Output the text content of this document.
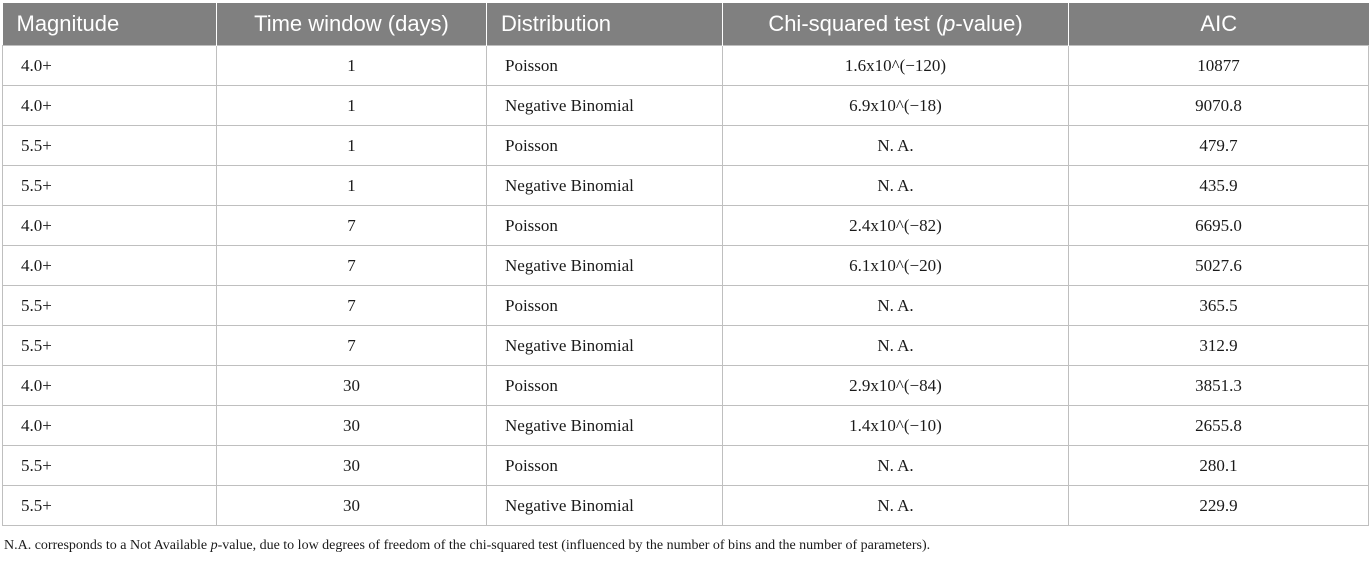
Magnitude	Time window (days)	Distribution	Chi-squared test (p-value)	AIC
4.0+	1	Poisson	1.6x10^(−120)	10877
4.0+	1	Negative Binomial	6.9x10^(−18)	9070.8
5.5+	1	Poisson	N. A.	479.7
5.5+	1	Negative Binomial	N. A.	435.9
4.0+	7	Poisson	2.4x10^(−82)	6695.0
4.0+	7	Negative Binomial	6.1x10^(−20)	5027.6
5.5+	7	Poisson	N. A.	365.5
5.5+	7	Negative Binomial	N. A.	312.9
4.0+	30	Poisson	2.9x10^(−84)	3851.3
4.0+	30	Negative Binomial	1.4x10^(−10)	2655.8
5.5+	30	Poisson	N. A.	280.1
5.5+	30	Negative Binomial	N. A.	229.9
N.A. corresponds to a Not Available p-value, due to low degrees of freedom of the chi-squared test (influenced by the number of bins and the number of parameters).
